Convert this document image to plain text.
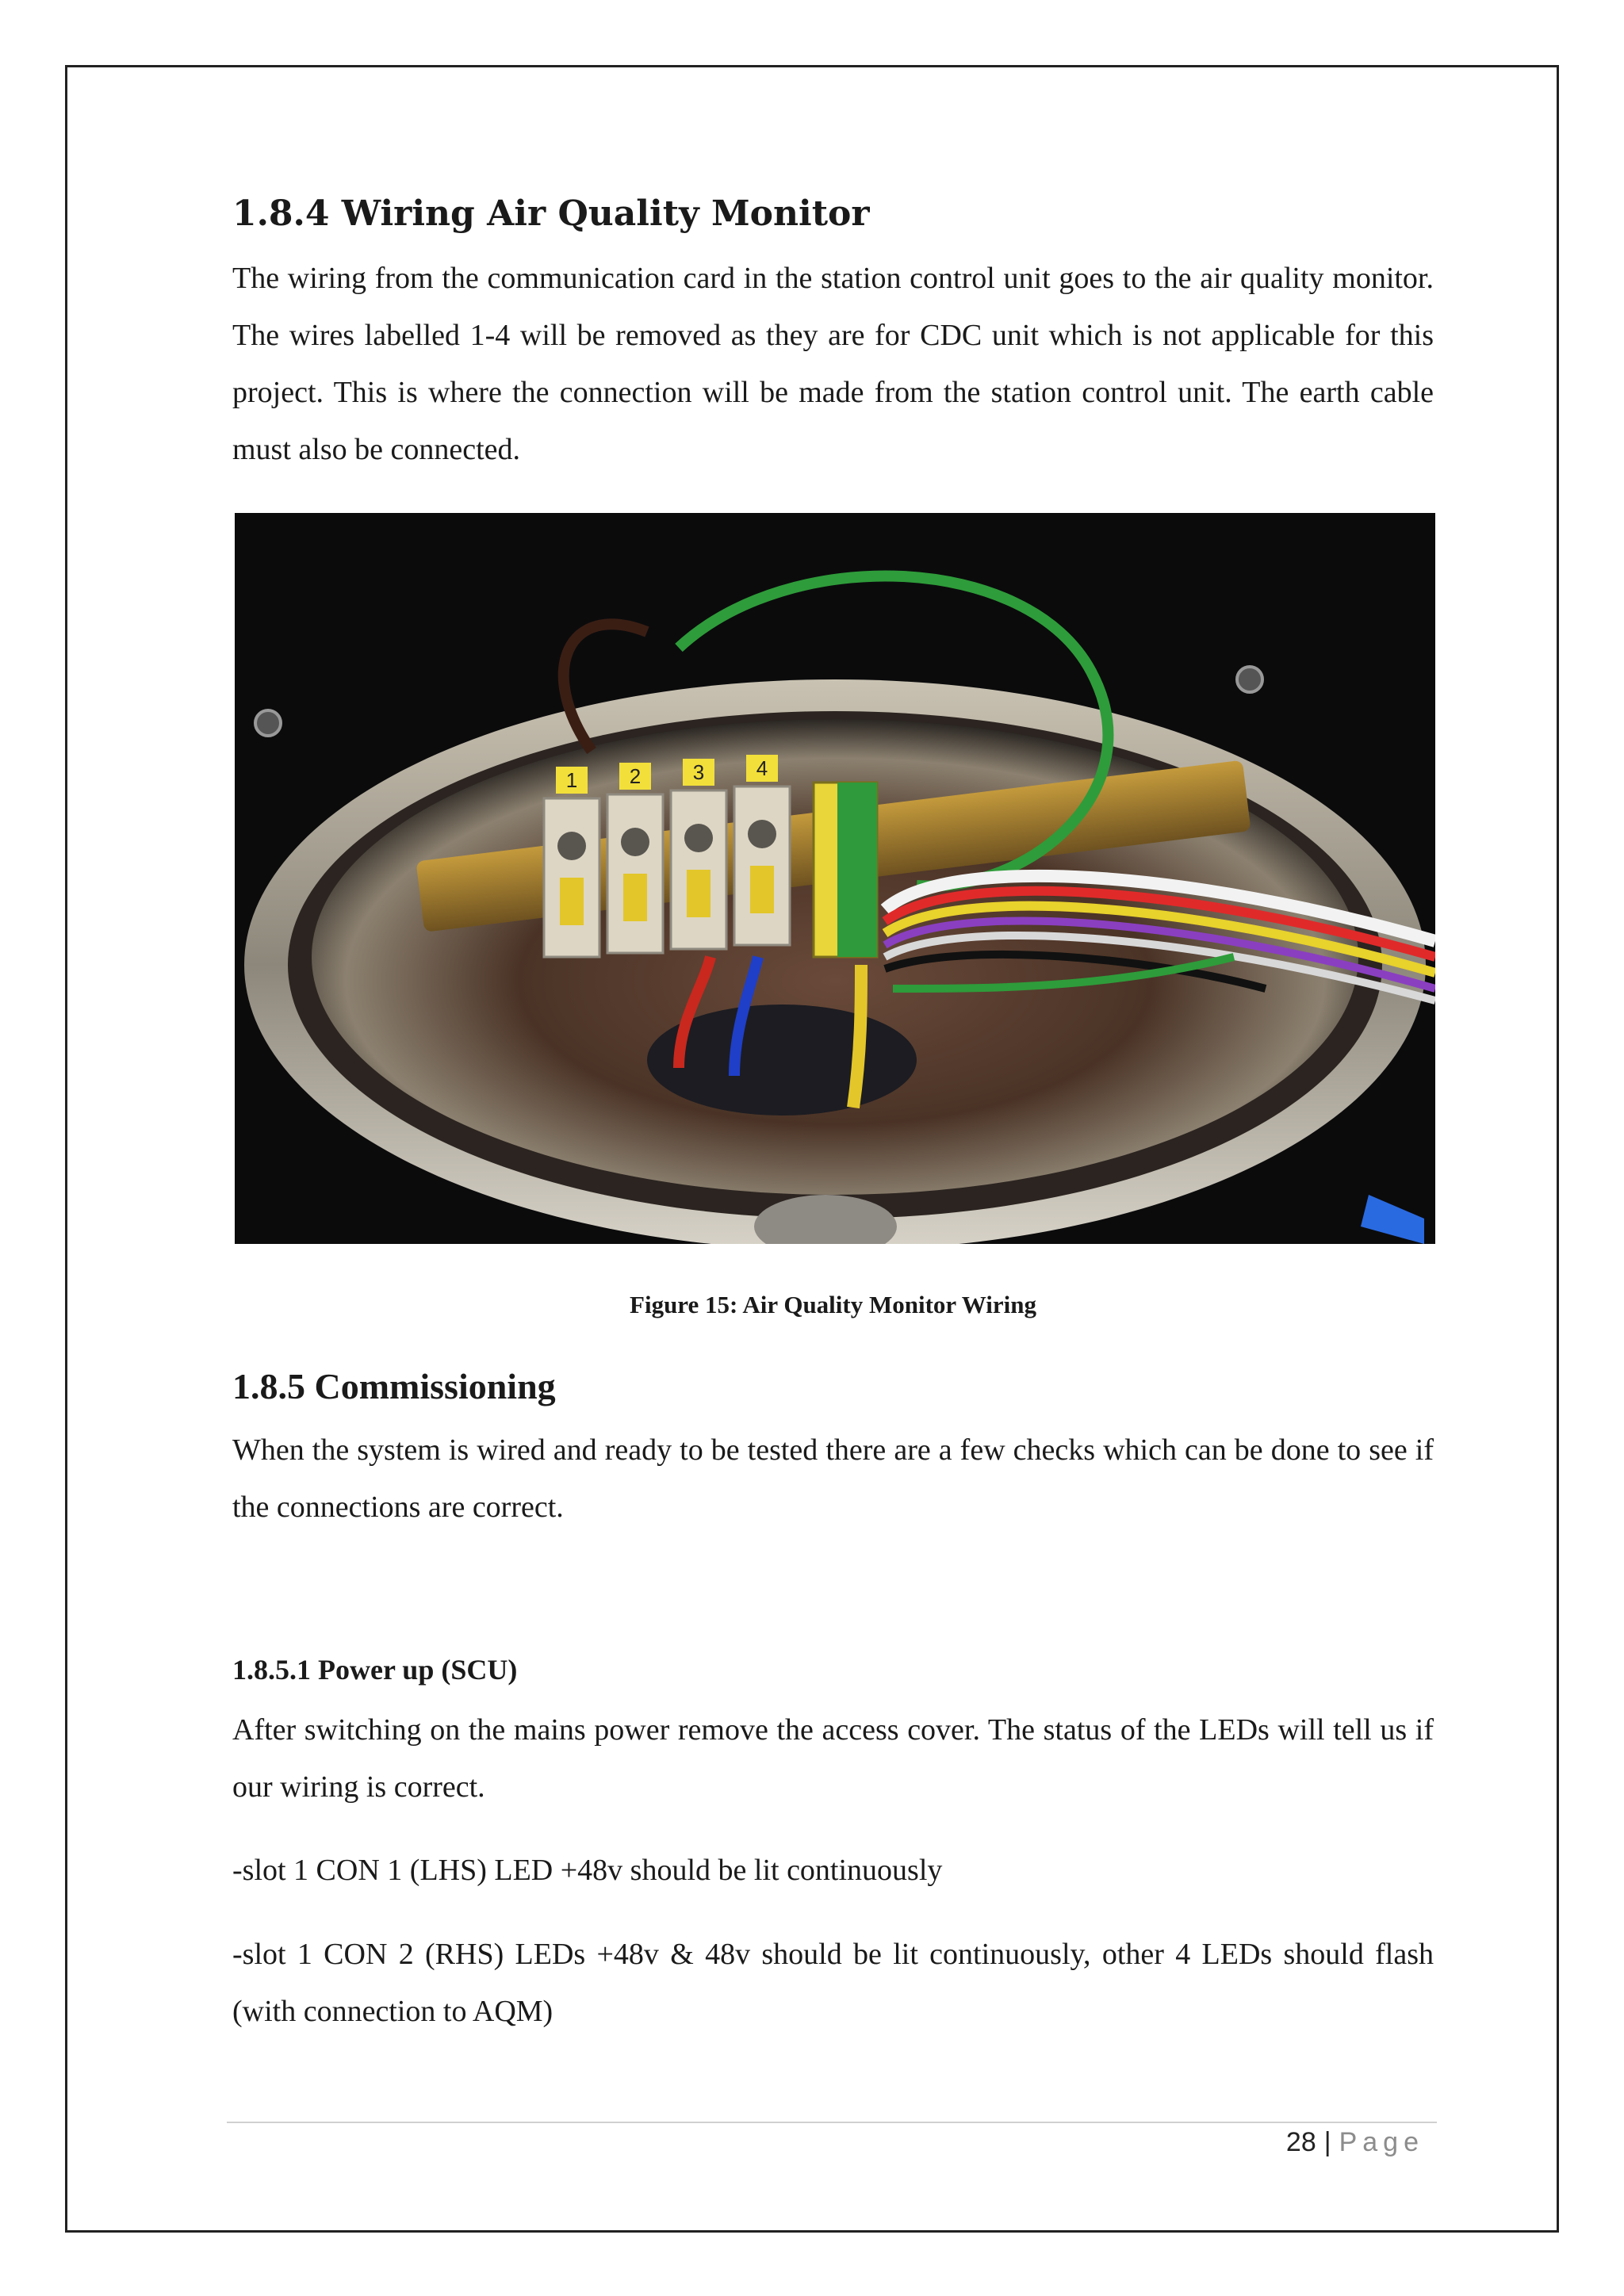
1.8.4 Wiring Air Quality Monitor

The wiring from the communication card in the station control unit goes to the air quality monitor. The wires labelled 1-4 will be removed as they are for CDC unit which is not applicable for this project. This is where the connection will be made from the station control unit. The earth cable must also be connected.

1	2	3	4
Figure 15: Air Quality Monitor Wiring
1.8.5 Commissioning

When the system is wired and ready to be tested there are a few checks which can be done to see if the connections are correct.

1.8.5.1 Power up (SCU)

After switching on the mains power remove the access cover. The status of the LEDs will tell us if our wiring is correct.

-slot 1 CON 1 (LHS) LED +48v should be lit continuously

-slot 1 CON 2 (RHS) LEDs +48v & 48v should be lit continuously, other 4 LEDs should flash (with connection to AQM)

28 | Page
